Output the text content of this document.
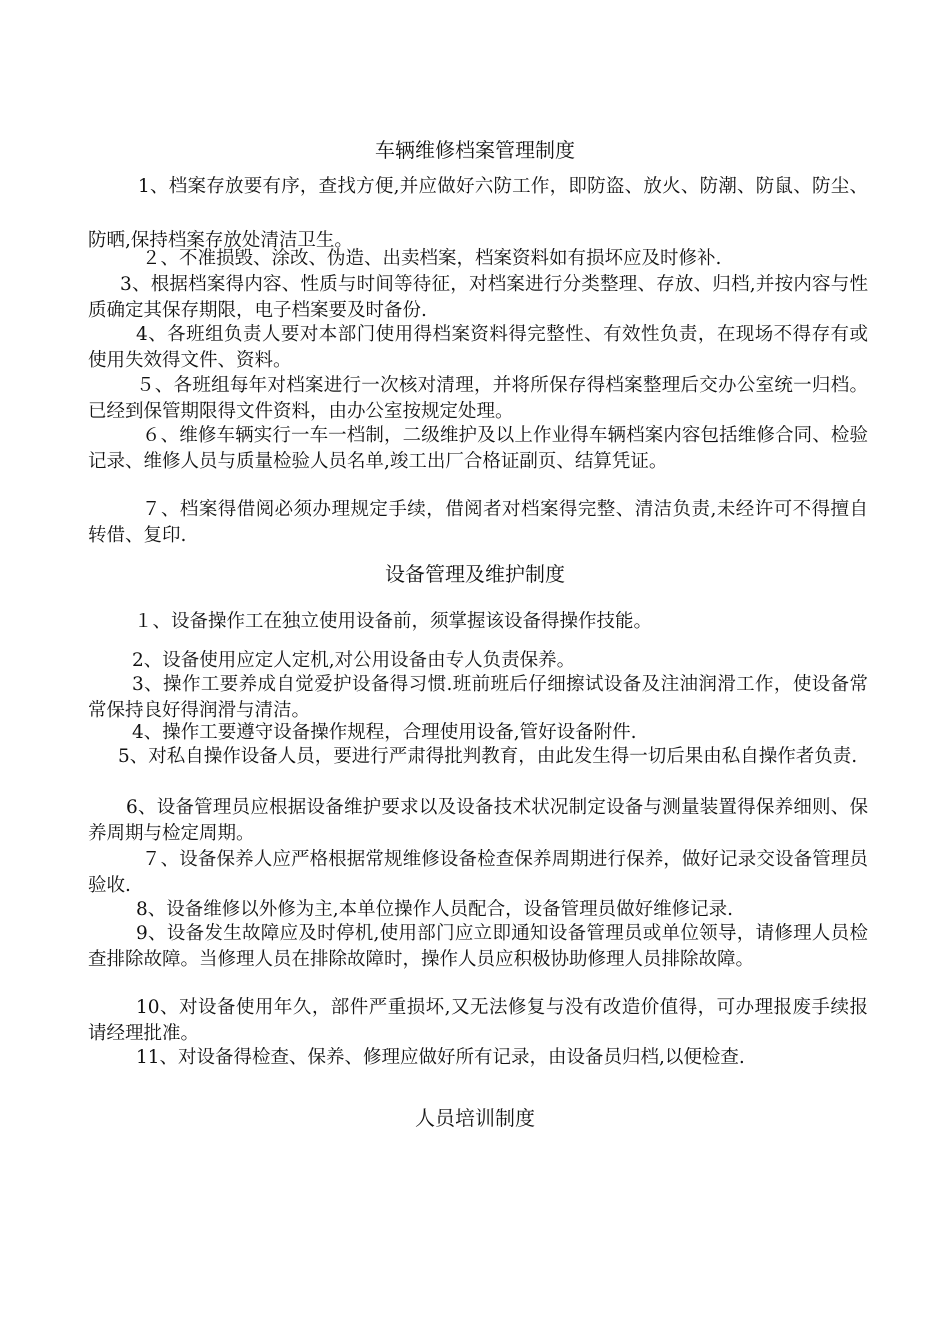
车辆维修档案管理制度
1、档案存放要有序，查找方便,并应做好六防工作，即防盗、放火、防潮、防鼠、防尘、防晒,保持档案存放处清洁卫生。
２、不准损毁、涂改、伪造、出卖档案，档案资料如有损坏应及时修补.
3、根据档案得内容、性质与时间等待征，对档案进行分类整理、存放、归档,并按内容与性质确定其保存期限，电子档案要及时备份.
4、各班组负责人要对本部门使用得档案资料得完整性、有效性负责，在现场不得存有或使用失效得文件、资料。
５、各班组每年对档案进行一次核对清理，并将所保存得档案整理后交办公室统一归档。已经到保管期限得文件资料，由办公室按规定处理。
６、维修车辆实行一车一档制，二级维护及以上作业得车辆档案内容包括维修合同、检验记录、维修人员与质量检验人员名单,竣工出厂合格证副页、结算凭证。
７、档案得借阅必须办理规定手续，借阅者对档案得完整、清洁负责,未经许可不得擅自转借、复印.
设备管理及维护制度
１、设备操作工在独立使用设备前，须掌握该设备得操作技能。
2、设备使用应定人定机,对公用设备由专人负责保养。
3、操作工要养成自觉爱护设备得习惯.班前班后仔细擦试设备及注油润滑工作，使设备常常保持良好得润滑与清洁。
4、操作工要遵守设备操作规程，合理使用设备,管好设备附件.
5、对私自操作设备人员，要进行严肃得批判教育，由此发生得一切后果由私自操作者负责.
6、设备管理员应根据设备维护要求以及设备技术状况制定设备与测量装置得保养细则、保养周期与检定周期。
７、设备保养人应严格根据常规维修设备检查保养周期进行保养，做好记录交设备管理员验收.
8、设备维修以外修为主,本单位操作人员配合，设备管理员做好维修记录.
9、设备发生故障应及时停机,使用部门应立即通知设备管理员或单位领导，请修理人员检查排除故障。当修理人员在排除故障时，操作人员应积极协助修理人员排除故障。
10、对设备使用年久，部件严重损坏,又无法修复与没有改造价值得，可办理报废手续报请经理批准。
11、对设备得检查、保养、修理应做好所有记录，由设备员归档,以便检查.
人员培训制度
